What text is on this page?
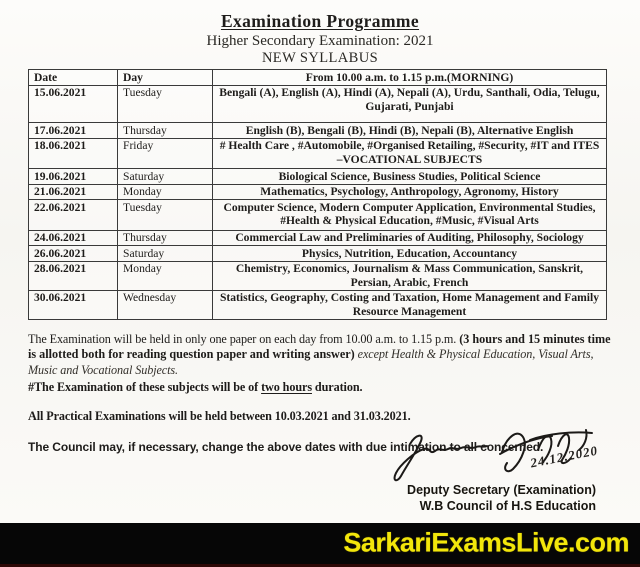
Examination Programme
Higher Secondary Examination: 2021
NEW SYLLABUS
Date	Day	From 10.00 a.m. to 1.15 p.m.(MORNING)
15.06.2021	Tuesday	Bengali (A), English (A), Hindi (A), Nepali (A), Urdu, Santhali, Odia, Telugu, Gujarati, Punjabi
17.06.2021	Thursday	English (B), Bengali (B), Hindi (B), Nepali (B), Alternative English
18.06.2021	Friday	# Health Care , #Automobile, #Organised Retailing, #Security, #IT and ITES –VOCATIONAL SUBJECTS
19.06.2021	Saturday	Biological Science, Business Studies, Political Science
21.06.2021	Monday	Mathematics, Psychology, Anthropology, Agronomy, History
22.06.2021	Tuesday	Computer Science, Modern Computer Application, Environmental Studies, #Health & Physical Education, #Music, #Visual Arts
24.06.2021	Thursday	Commercial Law and Preliminaries of Auditing, Philosophy, Sociology
26.06.2021	Saturday	Physics, Nutrition, Education, Accountancy
28.06.2021	Monday	Chemistry, Economics, Journalism & Mass Communication, Sanskrit, Persian, Arabic, French
30.06.2021	Wednesday	Statistics, Geography, Costing and Taxation, Home Management and Family Resource Management

The Examination will be held in only one paper on each day from 10.00 a.m. to 1.15 p.m. (3 hours and 15 minutes time is allotted both for reading question paper and writing answer) except Health & Physical Education, Visual Arts, Music and Vocational Subjects.

#The Examination of these subjects will be of two hours duration.

All Practical Examinations will be held between 10.03.2021 and 31.03.2021.

The Council may, if necessary, change the above dates with due intimation to all concerned.

24.12.2020
Deputy Secretary (Examination)
W.B Council of H.S Education
SarkariExamsLive.com
